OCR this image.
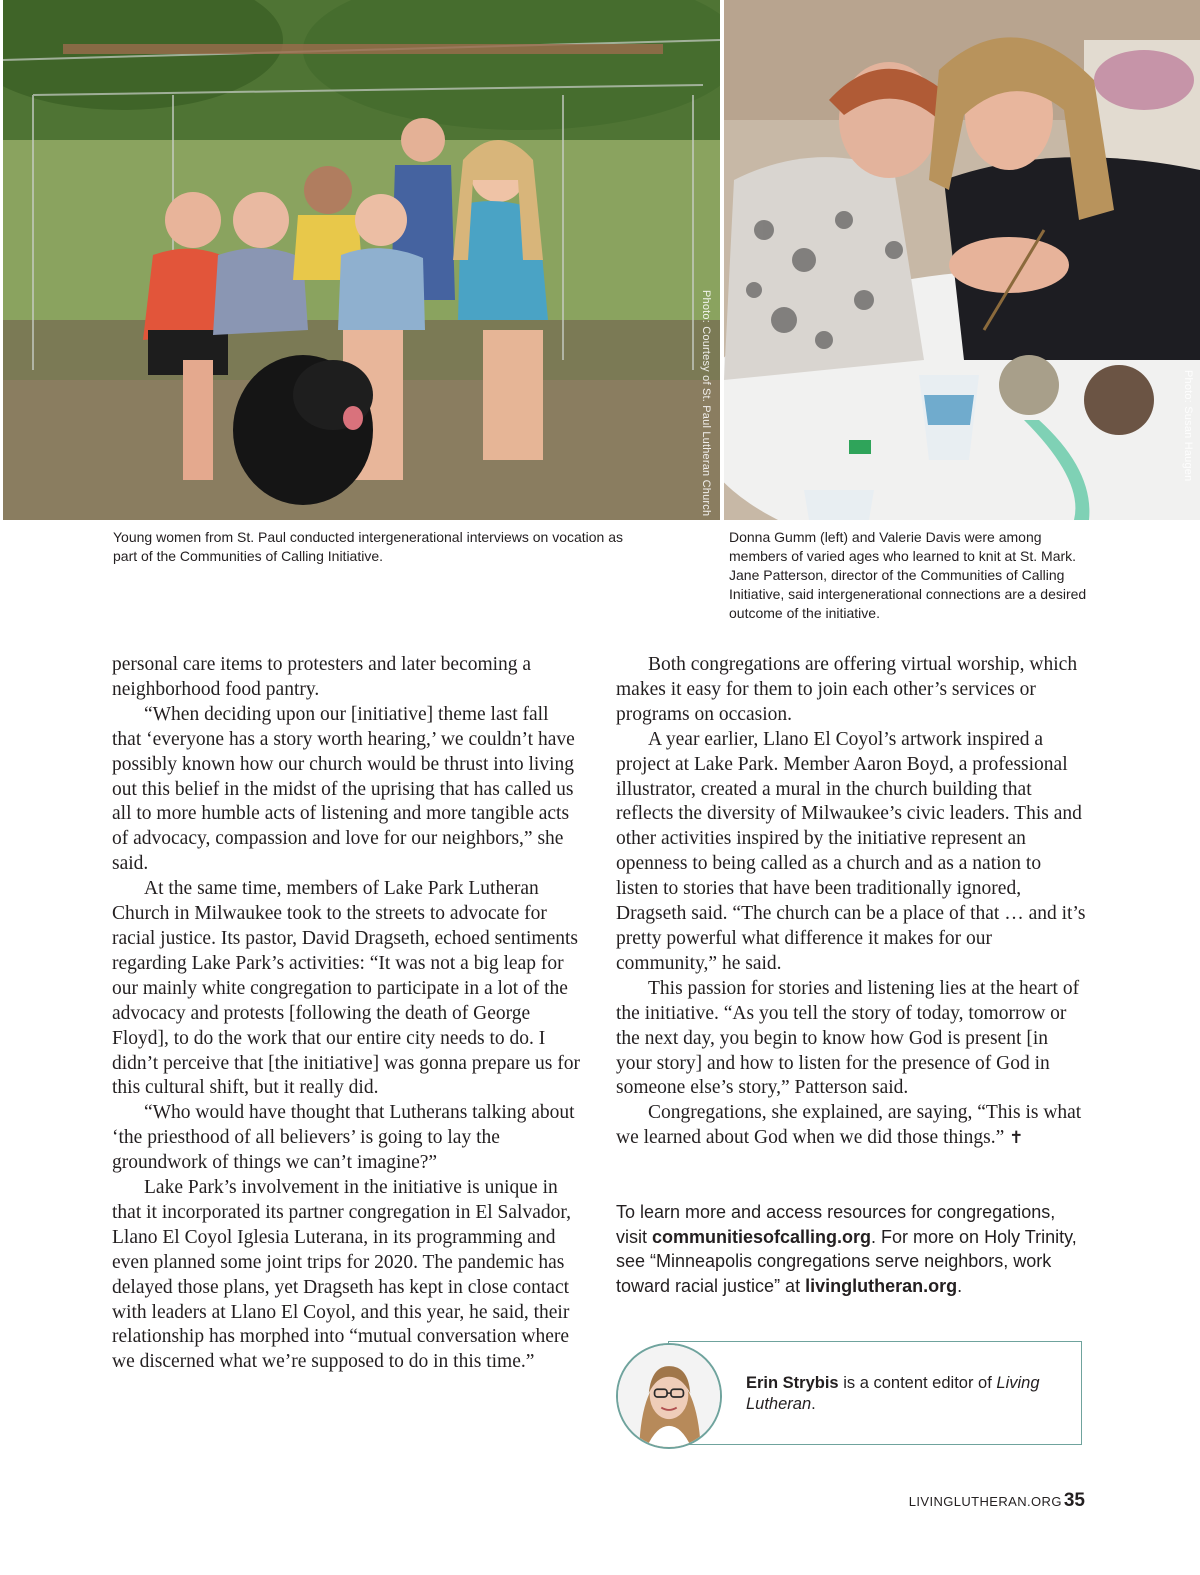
Photo: Courtesy of St. Paul Lutheran Church	Photo: Susan Haugen
Young women from St. Paul conducted intergenerational interviews on vocation as part of the Communities of Calling Initiative.
Donna Gumm (left) and Valerie Davis were among members of varied ages who learned to knit at St. Mark. Jane Patterson, director of the Communities of Calling Initiative, said intergenerational connections are a desired outcome of the initiative.

personal care items to protesters and later becoming a neighborhood food pantry.

“When deciding upon our [initiative] theme last fall that ‘everyone has a story worth hearing,’ we couldn’t have possibly known how our church would be thrust into living out this belief in the midst of the uprising that has called us all to more humble acts of listening and more tangible acts of advocacy, compassion and love for our neighbors,” she said.

At the same time, members of Lake Park Lutheran Church in Milwaukee took to the streets to advocate for racial justice. Its pastor, David Dragseth, echoed sentiments regarding Lake Park’s activities: “It was not a big leap for our mainly white congregation to participate in a lot of the advocacy and protests [following the death of George Floyd], to do the work that our entire city needs to do. I didn’t perceive that [the initiative] was gonna prepare us for this cultural shift, but it really did.

“Who would have thought that Lutherans talking about ‘the priesthood of all believers’ is going to lay the groundwork of things we can’t imagine?”

Lake Park’s involvement in the initiative is unique in that it incorporated its partner congregation in El Salvador, Llano El Coyol Iglesia Luterana, in its programming and even planned some joint trips for 2020. The pandemic has delayed those plans, yet Dragseth has kept in close contact with leaders at Llano El Coyol, and this year, he said, their relationship has morphed into “mutual conversation where we discerned what we’re supposed to do in this time.”

Both congregations are offering virtual worship, which makes it easy for them to join each other’s services or programs on occasion.

A year earlier, Llano El Coyol’s artwork inspired a project at Lake Park. Member Aaron Boyd, a professional illustrator, created a mural in the church building that reflects the diversity of Milwaukee’s civic leaders. This and other activities inspired by the initiative represent an openness to being called as a church and as a nation to listen to stories that have been traditionally ignored, Dragseth said. “The church can be a place of that … and it’s pretty powerful what difference it makes for our community,” he said.

This passion for stories and listening lies at the heart of the initiative. “As you tell the story of today, tomorrow or the next day, you begin to know how God is present [in your story] and how to listen for the presence of God in someone else’s story,” Patterson said.

Congregations, she explained, are saying, “This is what we learned about God when we did those things.” ✝

To learn more and access resources for congregations, visit communitiesofcalling.org. For more on Holy Trinity, see “Minneapolis congregations serve neighbors, work toward racial justice” at livinglutheran.org.
Erin Strybis is a content editor of Living Lutheran.
LIVINGLUTHERAN.ORG 35
